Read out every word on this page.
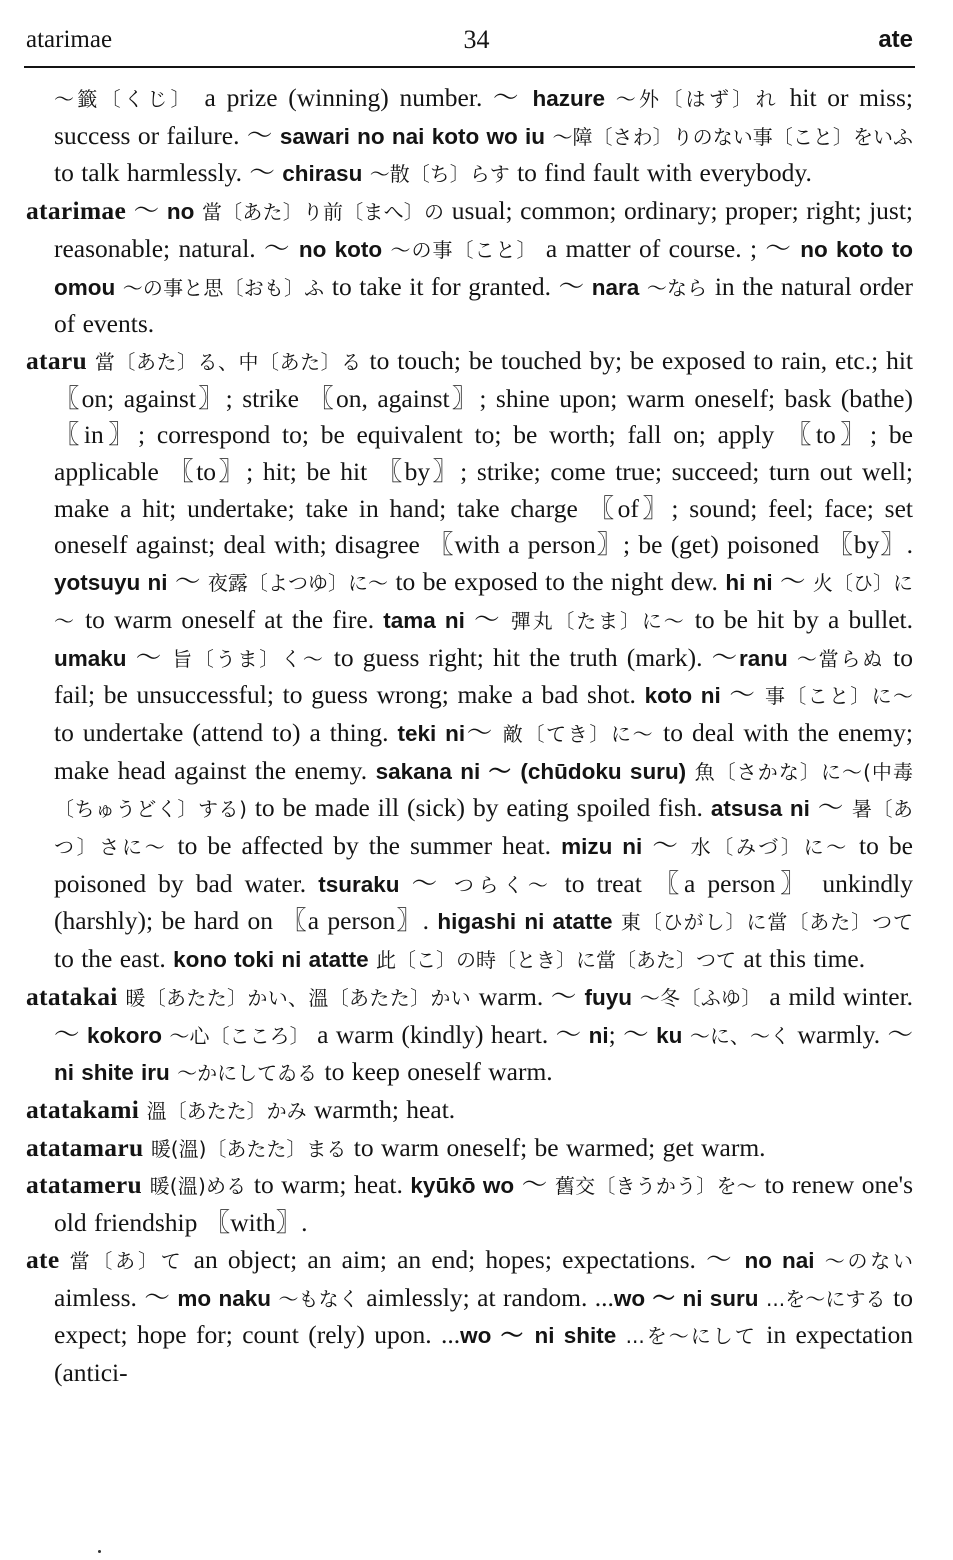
atarimae	34	ate

～籤〔くじ〕 a prize (winning) number. ～ hazure ～外〔はず〕れ hit or miss; success or failure. ～ sawari no nai koto wo iu ～障〔さわ〕りのない事〔こと〕をいふ to talk harmlessly. ～ chirasu ～散〔ち〕らす to find fault with everybody.

atarimae ～ no 當〔あた〕り前〔まへ〕の usual; common; ordinary; proper; right; just; reasonable; natural. ～ no koto ～の事〔こと〕 a matter of course. ; ～ no koto to omou ～の事と思〔おも〕ふ to take it for granted. ～ nara ～なら in the natural order of events.

ataru 當〔あた〕る、中〔あた〕る to touch; be touched by; be exposed to rain, etc.; hit 〖on; against〗; strike 〖on, against〗; shine upon; warm oneself; bask (bathe) 〖in〗; correspond to; be equivalent to; be worth; fall on; apply 〖to〗; be applicable 〖to〗; hit; be hit 〖by〗; strike; come true; succeed; turn out well; make a hit; undertake; take in hand; take charge 〖of〗; sound; feel; face; set oneself against; deal with; disagree 〖with a person〗; be (get) poisoned 〖by〗. yotsuyu ni ～ 夜露〔よつゆ〕に～ to be exposed to the night dew. hi ni ～ 火〔ひ〕に～ to warm oneself at the fire. tama ni ～ 彈丸〔たま〕に～ to be hit by a bullet. umaku ～ 旨〔うま〕く～ to guess right; hit the truth (mark). ～ranu ～當らぬ to fail; be unsuccessful; to guess wrong; make a bad shot. koto ni ～ 事〔こと〕に～ to undertake (attend to) a thing. teki ni～ 敵〔てき〕に～ to deal with the enemy; make head against the enemy. sakana ni ～ (chūdoku suru) 魚〔さかな〕に～(中毒〔ちゅうどく〕する) to be made ill (sick) by eating spoiled fish. atsusa ni ～ 暑〔あつ〕さに～ to be affected by the summer heat. mizu ni ～ 水〔みづ〕に～ to be poisoned by bad water. tsuraku ～ つらく～ to treat 〖a person〗 unkindly (harshly); be hard on 〖a person〗. higashi ni atatte 東〔ひがし〕に當〔あた〕つて to the east. kono toki ni atatte 此〔こ〕の時〔とき〕に當〔あた〕つて at this time.

atatakai 暖〔あたた〕かい、溫〔あたた〕かい warm. ～ fuyu ～冬〔ふゆ〕 a mild winter. ～ kokoro ～心〔こころ〕 a warm (kindly) heart. ～ ni; ～ ku ～に、～く warmly. ～ni shite iru ～かにしてゐる to keep oneself warm.

atatakami 溫〔あたた〕かみ warmth; heat.

atatamaru 暖(溫)〔あたた〕まる to warm oneself; be warmed; get warm.

atatameru 暖(溫)める to warm; heat. kyūkō wo ～ 舊交〔きうかう〕を～ to renew one's old friendship 〖with〗.

ate 當〔あ〕て an object; an aim; an end; hopes; expectations. ～ no nai ～のない aimless. ～ mo naku ～もなく aimlessly; at random. ...wo ～ ni suru ...を～にする to expect; hope for; count (rely) upon. ...wo ～ ni shite ...を～にして in expectation (antici-
